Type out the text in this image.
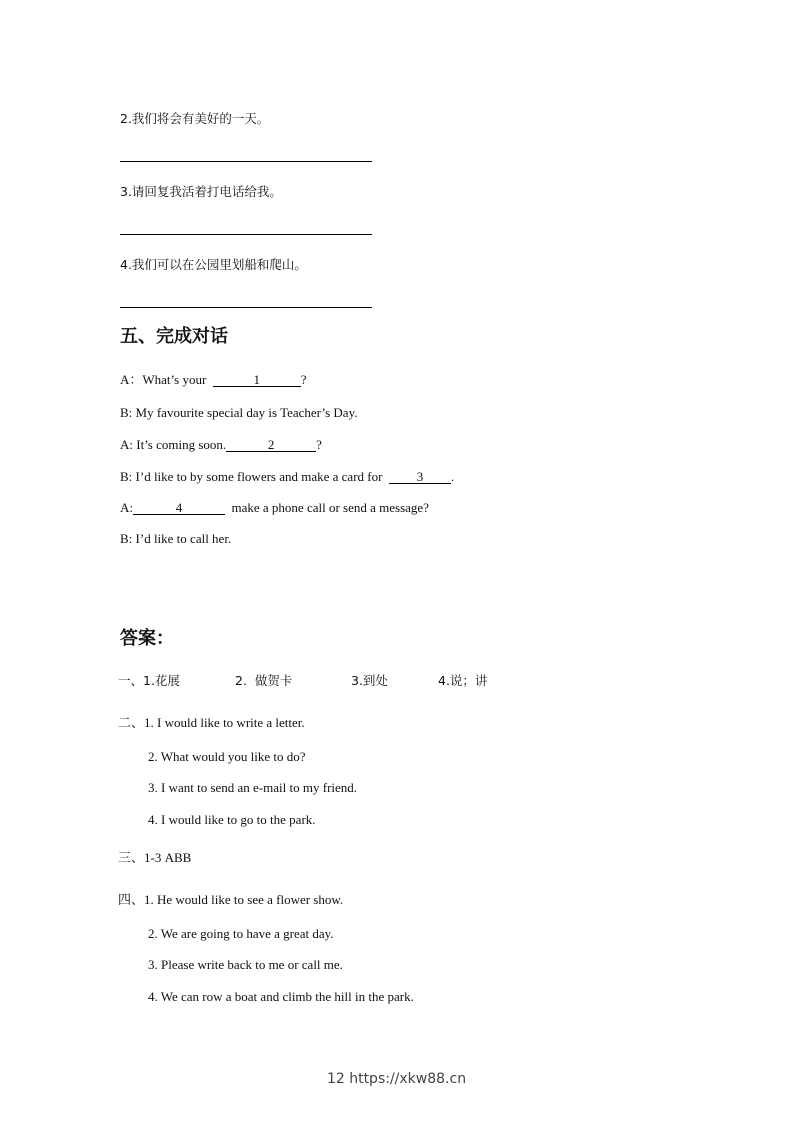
2.我们将会有美好的一天。
3.请回复我活着打电话给我。
4.我们可以在公园里划船和爬山。
五、完成对话
A：What’s your	1	?
B: My favourite special day is Teacher’s Day.
A: It’s coming soon.	2	?
B: I’d like to by some flowers and make a card for  3 .
A:	4	make a phone call or send a message?
B: I’d like to call her.
答案：
一、1.花展	2.  做贺卡	3.到处	4.说；讲
二、1. I would like to write a letter.
2. What would you like to do?
3. I want to send an e-mail to my friend.
4. I would like to go to the park.
三、1-3 ABB
四、1. He would like to see a flower show.
2. We are going to have a great day.
3. Please write back to me or call me.
4. We can row a boat and climb the hill in the park.
12 https://xkw88.cn
